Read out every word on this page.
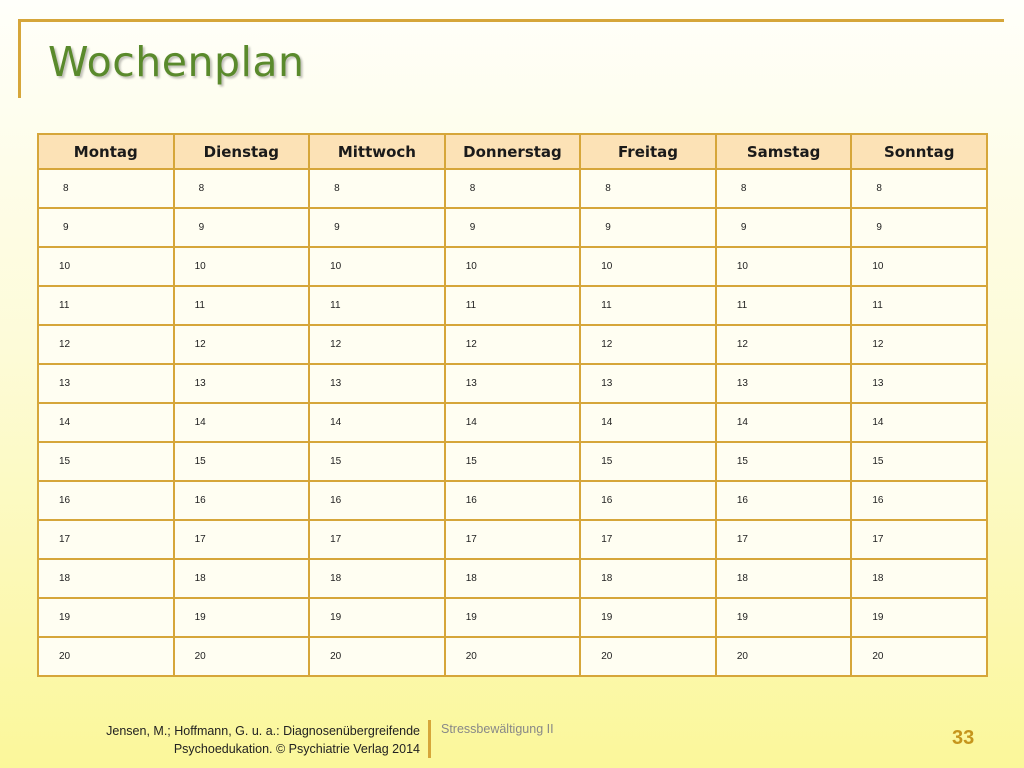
Wochenplan
Montag	Dienstag	Mittwoch	Donnerstag	Freitag	Samstag	Sonntag
8	8	8	8	8	8	8
9	9	9	9	9	9	9
10	10	10	10	10	10	10
11	11	11	11	11	11	11
12	12	12	12	12	12	12
13	13	13	13	13	13	13
14	14	14	14	14	14	14
15	15	15	15	15	15	15
16	16	16	16	16	16	16
17	17	17	17	17	17	17
18	18	18	18	18	18	18
19	19	19	19	19	19	19
20	20	20	20	20	20	20
Jensen, M.; Hoffmann, G. u. a.: Diagnosenübergreifende
Psychoedukation. © Psychiatrie Verlag 2014
Stressbewältigung II	33
